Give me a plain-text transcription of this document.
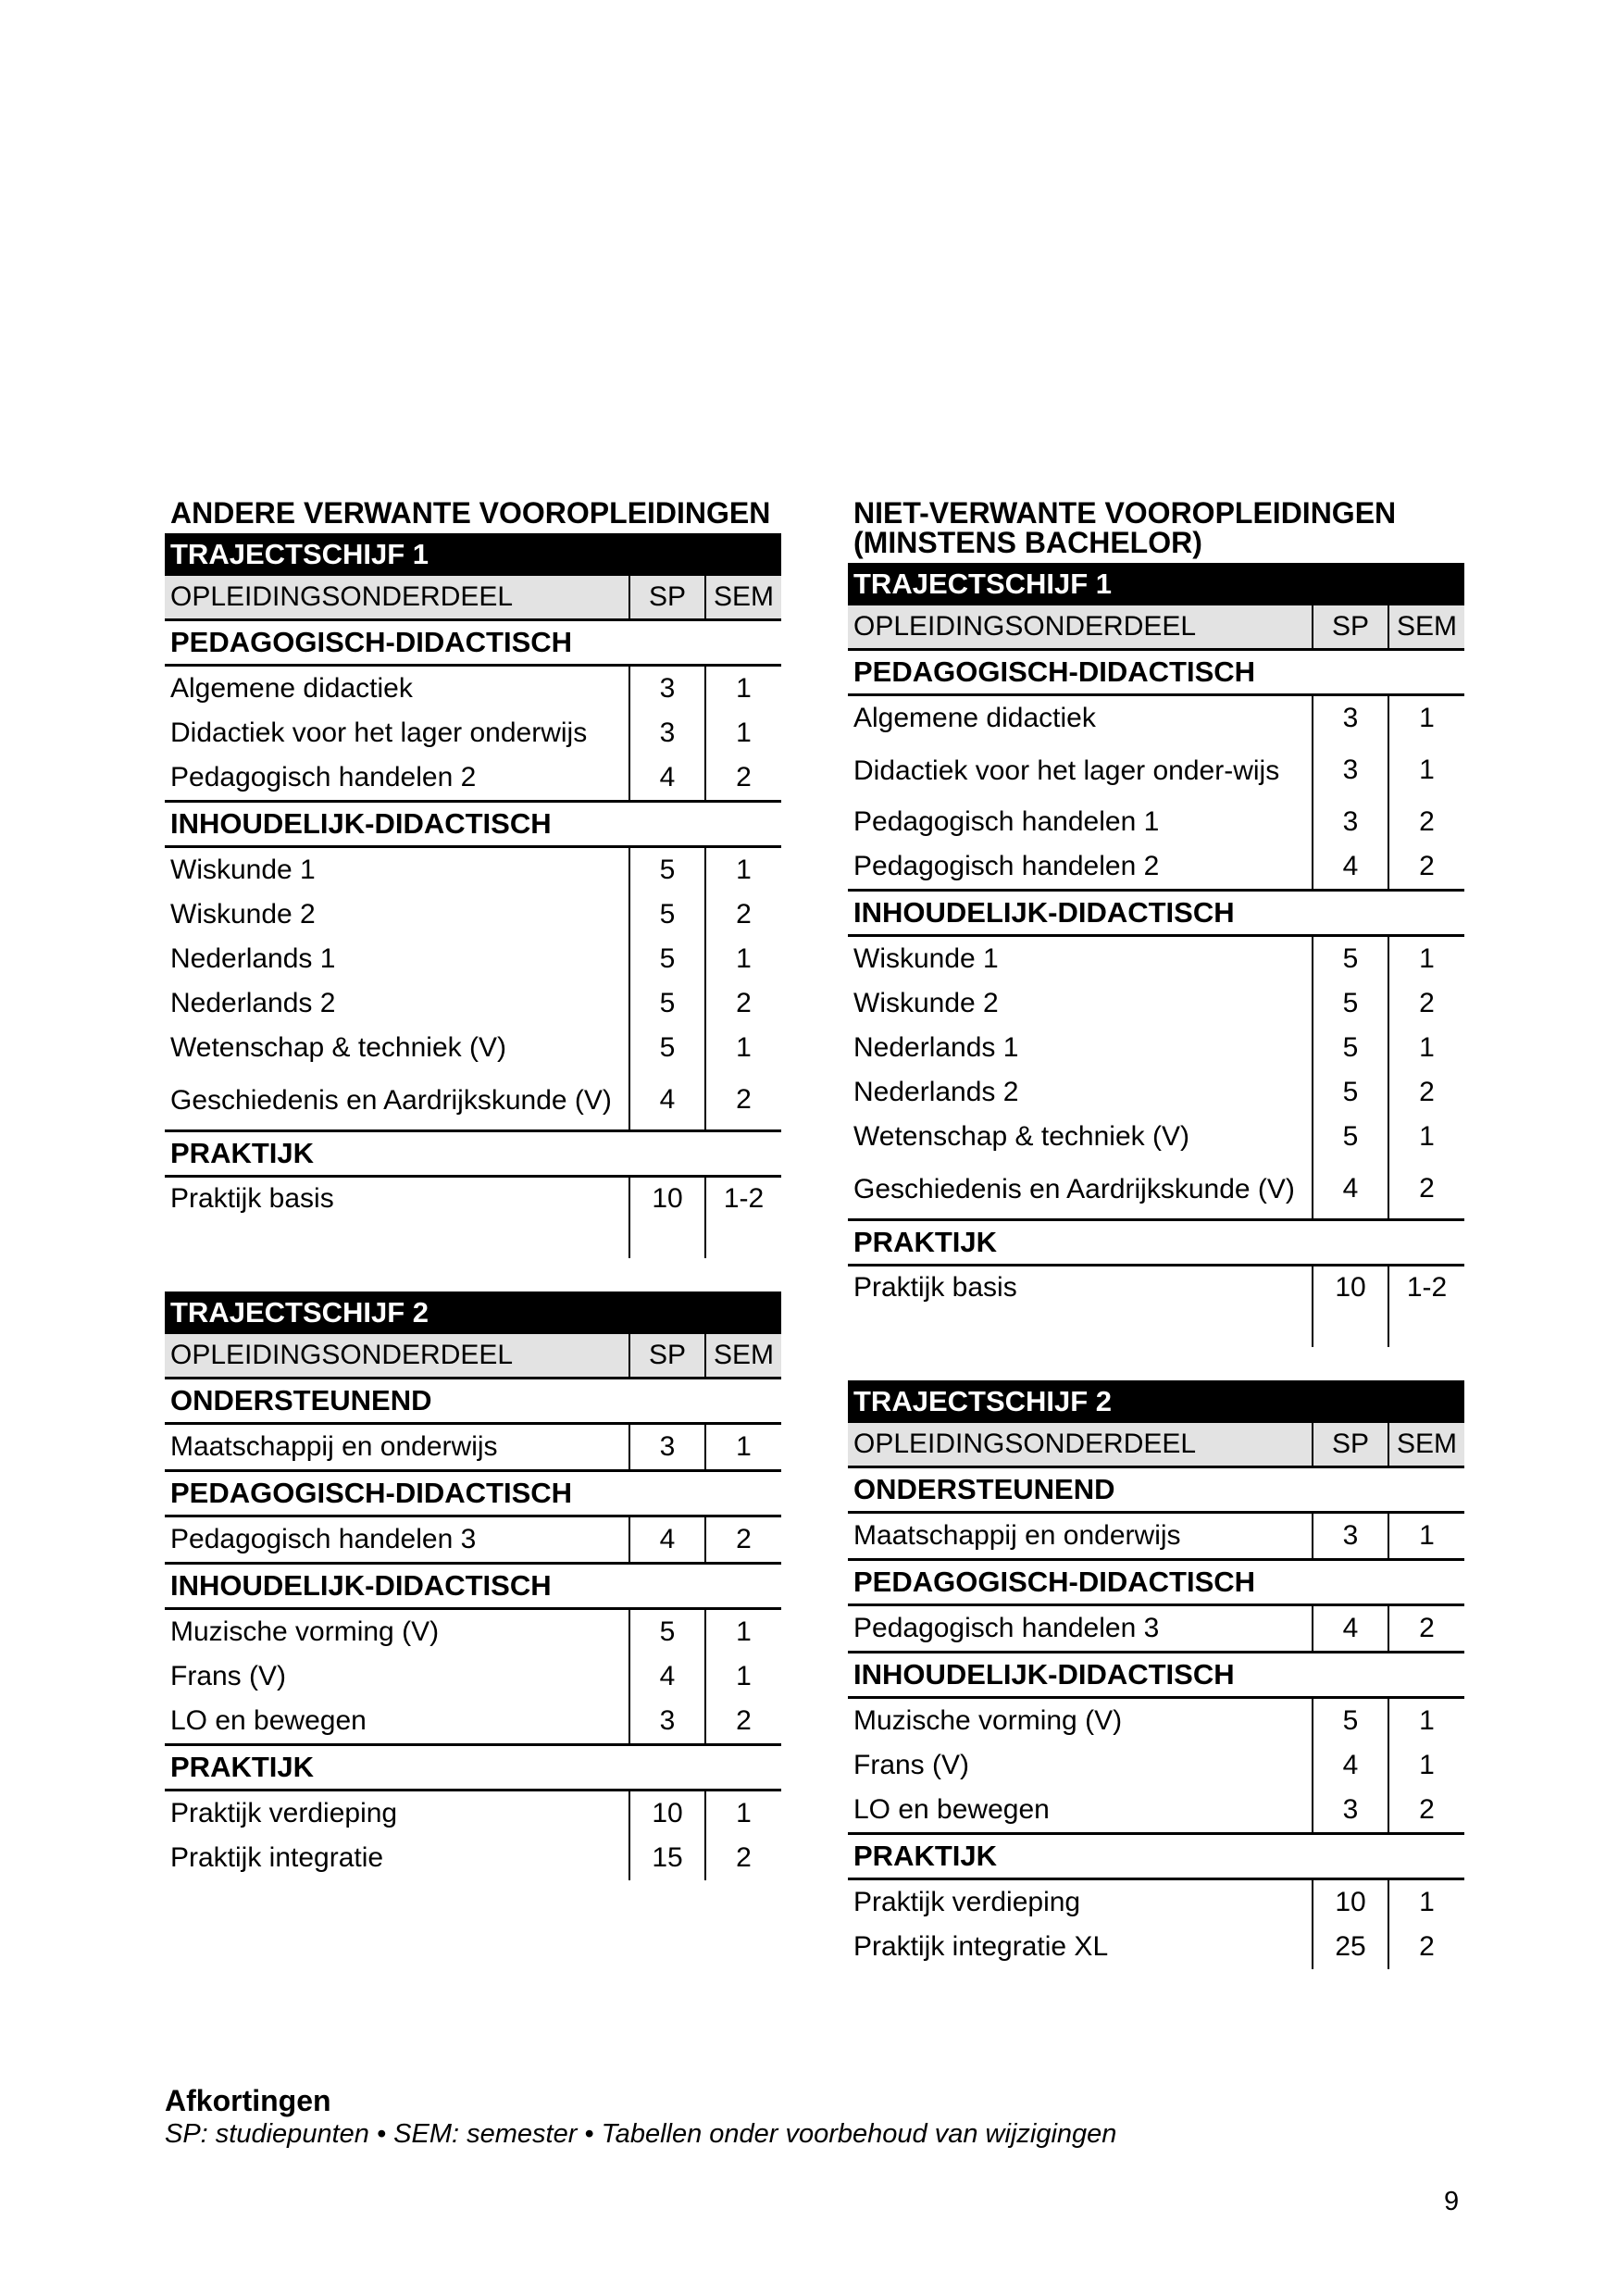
ANDERE VERWANTE VOOROPLEIDINGEN
TRAJECTSCHIJF 1		
OPLEIDINGSONDERDEEL	SP	SEM
PEDAGOGISCH-DIDACTISCH		
Algemene didactiek	3	1
Didactiek voor het lager onderwijs	3	1
Pedagogisch handelen 2	4	2
INHOUDELIJK-DIDACTISCH		
Wiskunde 1	5	1
Wiskunde 2	5	2
Nederlands 1	5	1
Nederlands 2	5	2
Wetenschap & techniek (V)	5	1
Geschiedenis en Aardrijkskunde (V)	4	2
PRAKTIJK		
Praktijk basis	10	1-2
TRAJECTSCHIJF 2		
OPLEIDINGSONDERDEEL	SP	SEM
ONDERSTEUNEND		
Maatschappij en onderwijs	3	1
PEDAGOGISCH-DIDACTISCH		
Pedagogisch handelen 3	4	2
INHOUDELIJK-DIDACTISCH		
Muzische vorming (V)	5	1
Frans (V)	4	1
LO en bewegen	3	2
PRAKTIJK		
Praktijk verdieping	10	1
Praktijk integratie	15	2
NIET-VERWANTE VOOROPLEIDINGEN (MINSTENS BACHELOR)
TRAJECTSCHIJF 1		
OPLEIDINGSONDERDEEL	SP	SEM
PEDAGOGISCH-DIDACTISCH		
Algemene didactiek	3	1
Didactiek voor het lager onder-wijs	3	1
Pedagogisch handelen 1	3	2
Pedagogisch handelen 2	4	2
INHOUDELIJK-DIDACTISCH		
Wiskunde 1	5	1
Wiskunde 2	5	2
Nederlands 1	5	1
Nederlands 2	5	2
Wetenschap & techniek (V)	5	1
Geschiedenis en Aardrijkskunde (V)	4	2
PRAKTIJK		
Praktijk basis	10	1-2
TRAJECTSCHIJF 2		
OPLEIDINGSONDERDEEL	SP	SEM
ONDERSTEUNEND		
Maatschappij en onderwijs	3	1
PEDAGOGISCH-DIDACTISCH		
Pedagogisch handelen 3	4	2
INHOUDELIJK-DIDACTISCH		
Muzische vorming (V)	5	1
Frans (V)	4	1
LO en bewegen	3	2
PRAKTIJK		
Praktijk verdieping	10	1
Praktijk integratie XL	25	2
Afkortingen
SP: studiepunten • SEM: semester • Tabellen onder voorbehoud van wijzigingen
9
